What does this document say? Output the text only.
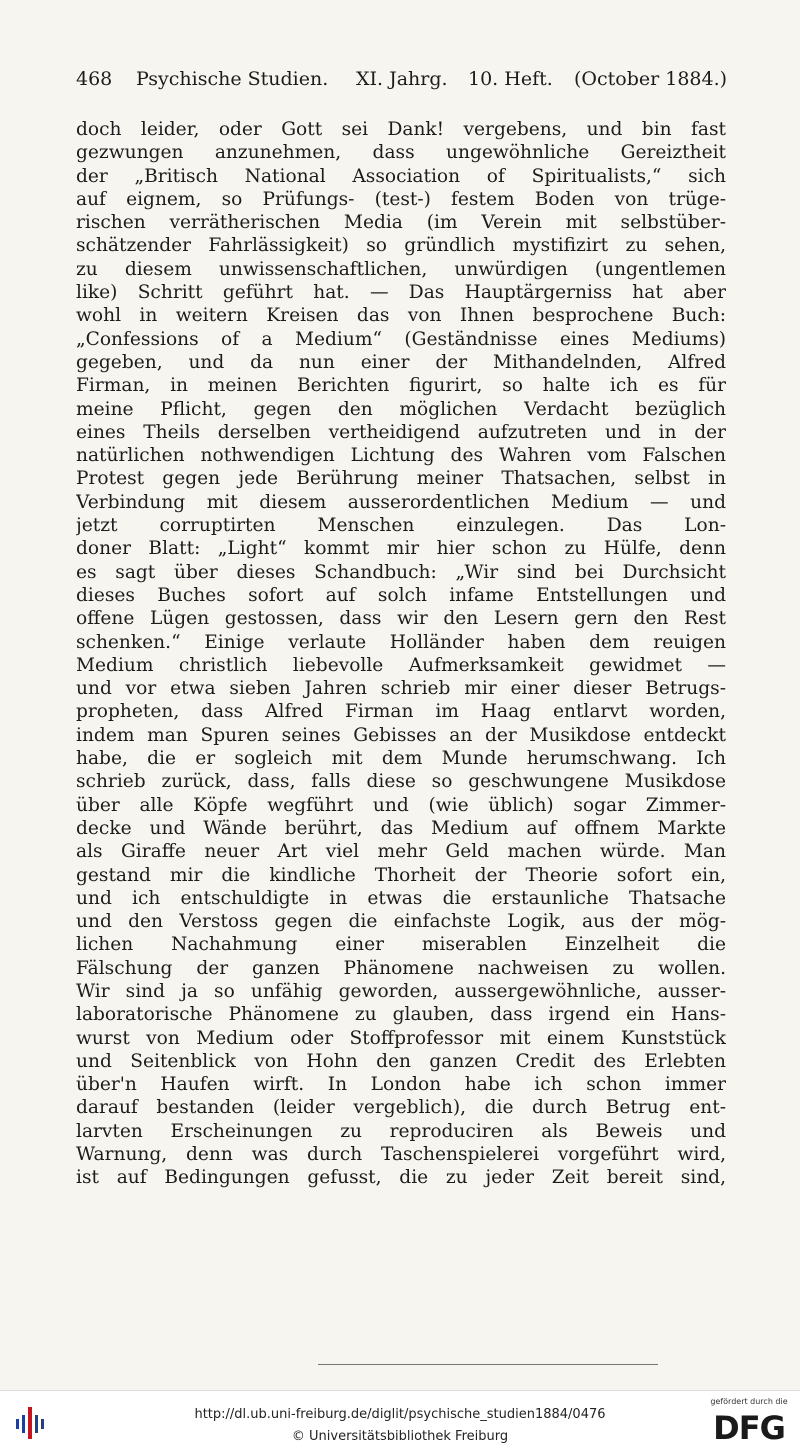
468 Psychische Studien. XI. Jahrg. 10. Heft. (October 1884.)
doch leider, oder Gott sei Dank! vergebens, und bin fast
gezwungen anzunehmen, dass ungewöhnliche Gereiztheit
der „Britisch National Association of Spiritualists,“ sich
auf eignem, so Prüfungs- (test-) festem Boden von trüge-
rischen verrätherischen Media (im Verein mit selbstüber-
schätzender Fahrlässigkeit) so gründlich mystifizirt zu sehen,
zu diesem unwissenschaftlichen, unwürdigen (ungentlemen
like) Schritt geführt hat. — Das Hauptärgerniss hat aber
wohl in weitern Kreisen das von Ihnen besprochene Buch:
„Confessions of a Medium“ (Geständnisse eines Mediums)
gegeben, und da nun einer der Mithandelnden, Alfred
Firman, in meinen Berichten figurirt, so halte ich es für
meine Pflicht, gegen den möglichen Verdacht bezüglich
eines Theils derselben vertheidigend aufzutreten und in der
natürlichen nothwendigen Lichtung des Wahren vom Falschen
Protest gegen jede Berührung meiner Thatsachen, selbst in
Verbindung mit diesem ausserordentlichen Medium — und
jetzt corruptirten Menschen einzulegen. Das Lon-
doner Blatt: „Light“ kommt mir hier schon zu Hülfe, denn
es sagt über dieses Schandbuch: „Wir sind bei Durchsicht
dieses Buches sofort auf solch infame Entstellungen und
offene Lügen gestossen, dass wir den Lesern gern den Rest
schenken.“ Einige verlaute Holländer haben dem reuigen
Medium christlich liebevolle Aufmerksamkeit gewidmet —
und vor etwa sieben Jahren schrieb mir einer dieser Betrugs-
propheten, dass Alfred Firman im Haag entlarvt worden,
indem man Spuren seines Gebisses an der Musikdose entdeckt
habe, die er sogleich mit dem Munde herumschwang. Ich
schrieb zurück, dass, falls diese so geschwungene Musikdose
über alle Köpfe wegführt und (wie üblich) sogar Zimmer-
decke und Wände berührt, das Medium auf offnem Markte
als Giraffe neuer Art viel mehr Geld machen würde. Man
gestand mir die kindliche Thorheit der Theorie sofort ein,
und ich entschuldigte in etwas die erstaunliche Thatsache
und den Verstoss gegen die einfachste Logik, aus der mög-
lichen Nachahmung einer miserablen Einzelheit die
Fälschung der ganzen Phänomene nachweisen zu wollen.
Wir sind ja so unfähig geworden, aussergewöhnliche, ausser-
laboratorische Phänomene zu glauben, dass irgend ein Hans-
wurst von Medium oder Stoffprofessor mit einem Kunststück
und Seitenblick von Hohn den ganzen Credit des Erlebten
über'n Haufen wirft. In London habe ich schon immer
darauf bestanden (leider vergeblich), die durch Betrug ent-
larvten Erscheinungen zu reproduciren als Beweis und
Warnung, denn was durch Taschenspielerei vorgeführt wird,
ist auf Bedingungen gefusst, die zu jeder Zeit bereit sind,
http://dl.ub.uni-freiburg.de/diglit/psychische_studien1884/0476
© Universitätsbibliothek Freiburg
gefördert durch die
DFG
